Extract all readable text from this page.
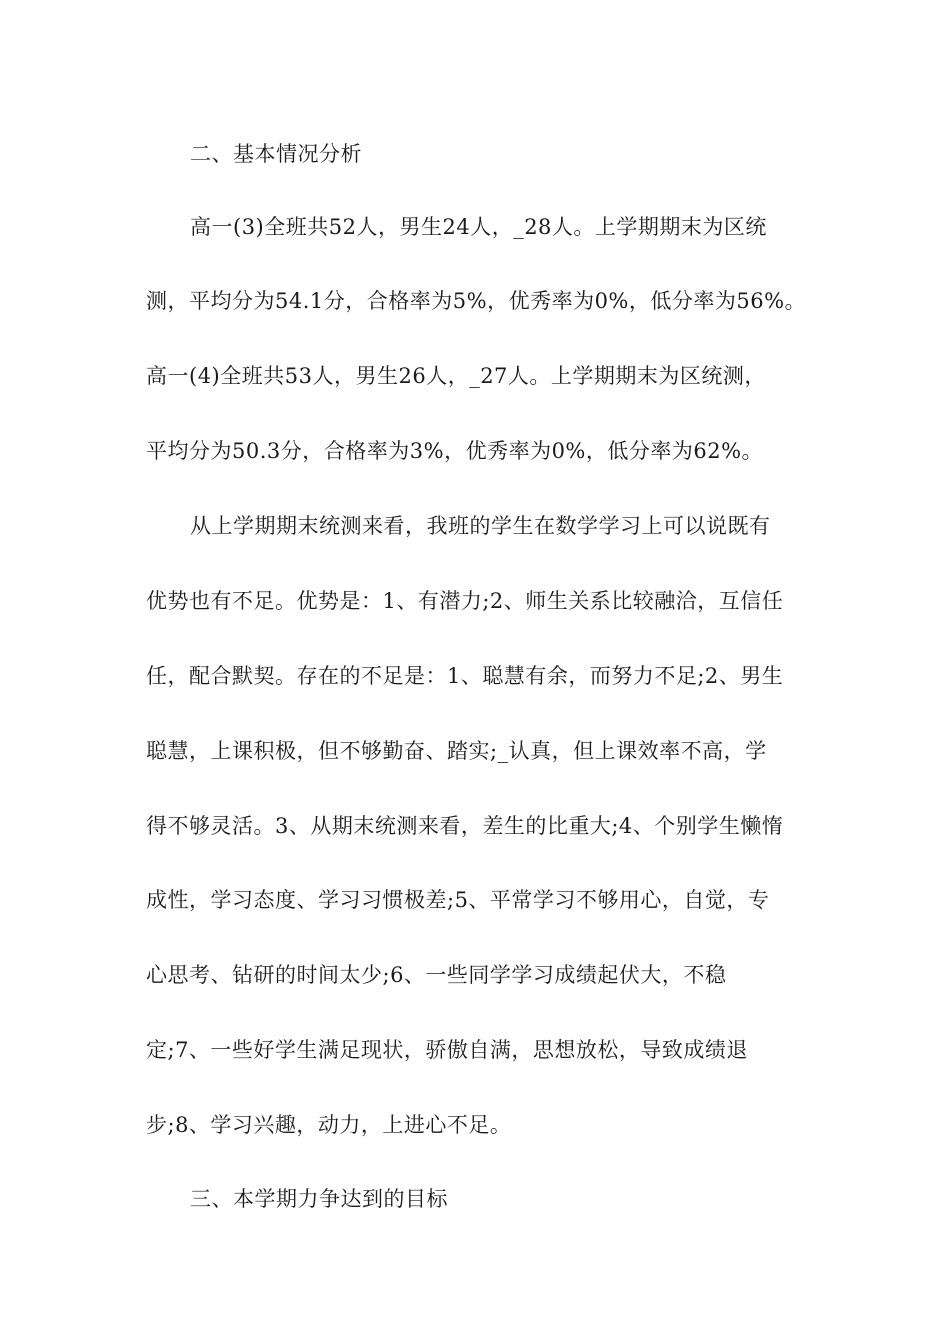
二、基本情况分析
高一(3)全班共52人，男生24人，_28人。上学期期末为区统
测，平均分为54.1分，合格率为5%，优秀率为0%，低分率为56%。
高一(4)全班共53人，男生26人，_27人。上学期期末为区统测，
平均分为50.3分，合格率为3%，优秀率为0%，低分率为62%。
从上学期期末统测来看，我班的学生在数学学习上可以说既有
优势也有不足。优势是：1、有潜力;2、师生关系比较融洽，互信任
任，配合默契。存在的不足是：1、聪慧有余，而努力不足;2、男生
聪慧，上课积极，但不够勤奋、踏实;_认真，但上课效率不高，学
得不够灵活。3、从期末统测来看，差生的比重大;4、个别学生懒惰
成性，学习态度、学习习惯极差;5、平常学习不够用心，自觉，专
心思考、钻研的时间太少;6、一些同学学习成绩起伏大，不稳
定;7、一些好学生满足现状，骄傲自满，思想放松，导致成绩退
步;8、学习兴趣，动力，上进心不足。
三、本学期力争达到的目标
